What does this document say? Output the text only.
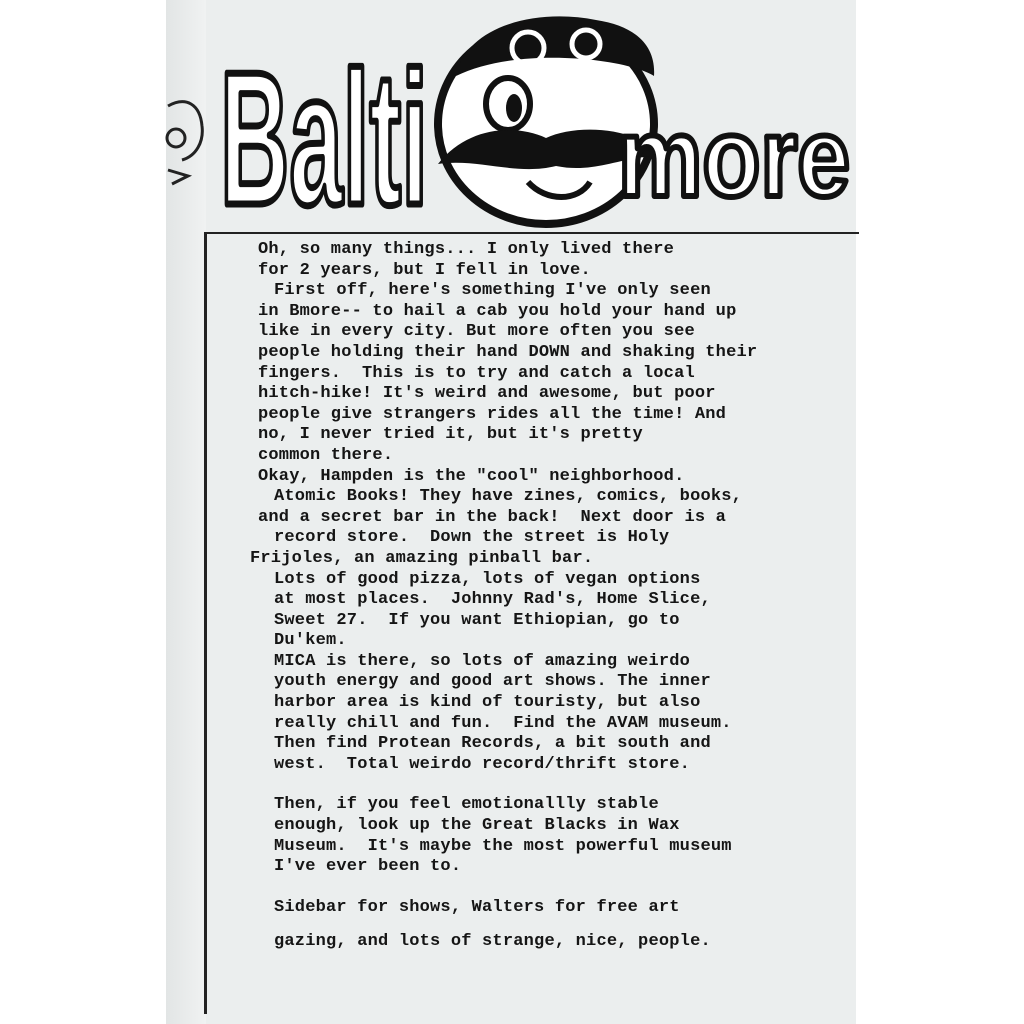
Balti more
Oh, so many things... I only lived there
for 2 years, but I fell in love.
First off, here's something I've only seen
in Bmore-- to hail a cab you hold your hand up
like in every city. But more often you see
people holding their hand DOWN and shaking their
fingers.  This is to try and catch a local
hitch-hike! It's weird and awesome, but poor
people give strangers rides all the time! And
no, I never tried it, but it's pretty
common there.
Okay, Hampden is the "cool" neighborhood.
Atomic Books! They have zines, comics, books,
and a secret bar in the back!  Next door is a
record store.  Down the street is Holy
Frijoles, an amazing pinball bar.
Lots of good pizza, lots of vegan options
at most places.  Johnny Rad's, Home Slice,
Sweet 27.  If you want Ethiopian, go to
Du'kem.
MICA is there, so lots of amazing weirdo
youth energy and good art shows. The inner
harbor area is kind of touristy, but also
really chill and fun.  Find the AVAM museum.
Then find Protean Records, a bit south and
west.  Total weirdo record/thrift store.
Then, if you feel emotionallly stable
enough, look up the Great Blacks in Wax
Museum.  It's maybe the most powerful museum
I've ever been to.
Sidebar for shows, Walters for free art
gazing, and lots of strange, nice, people.
